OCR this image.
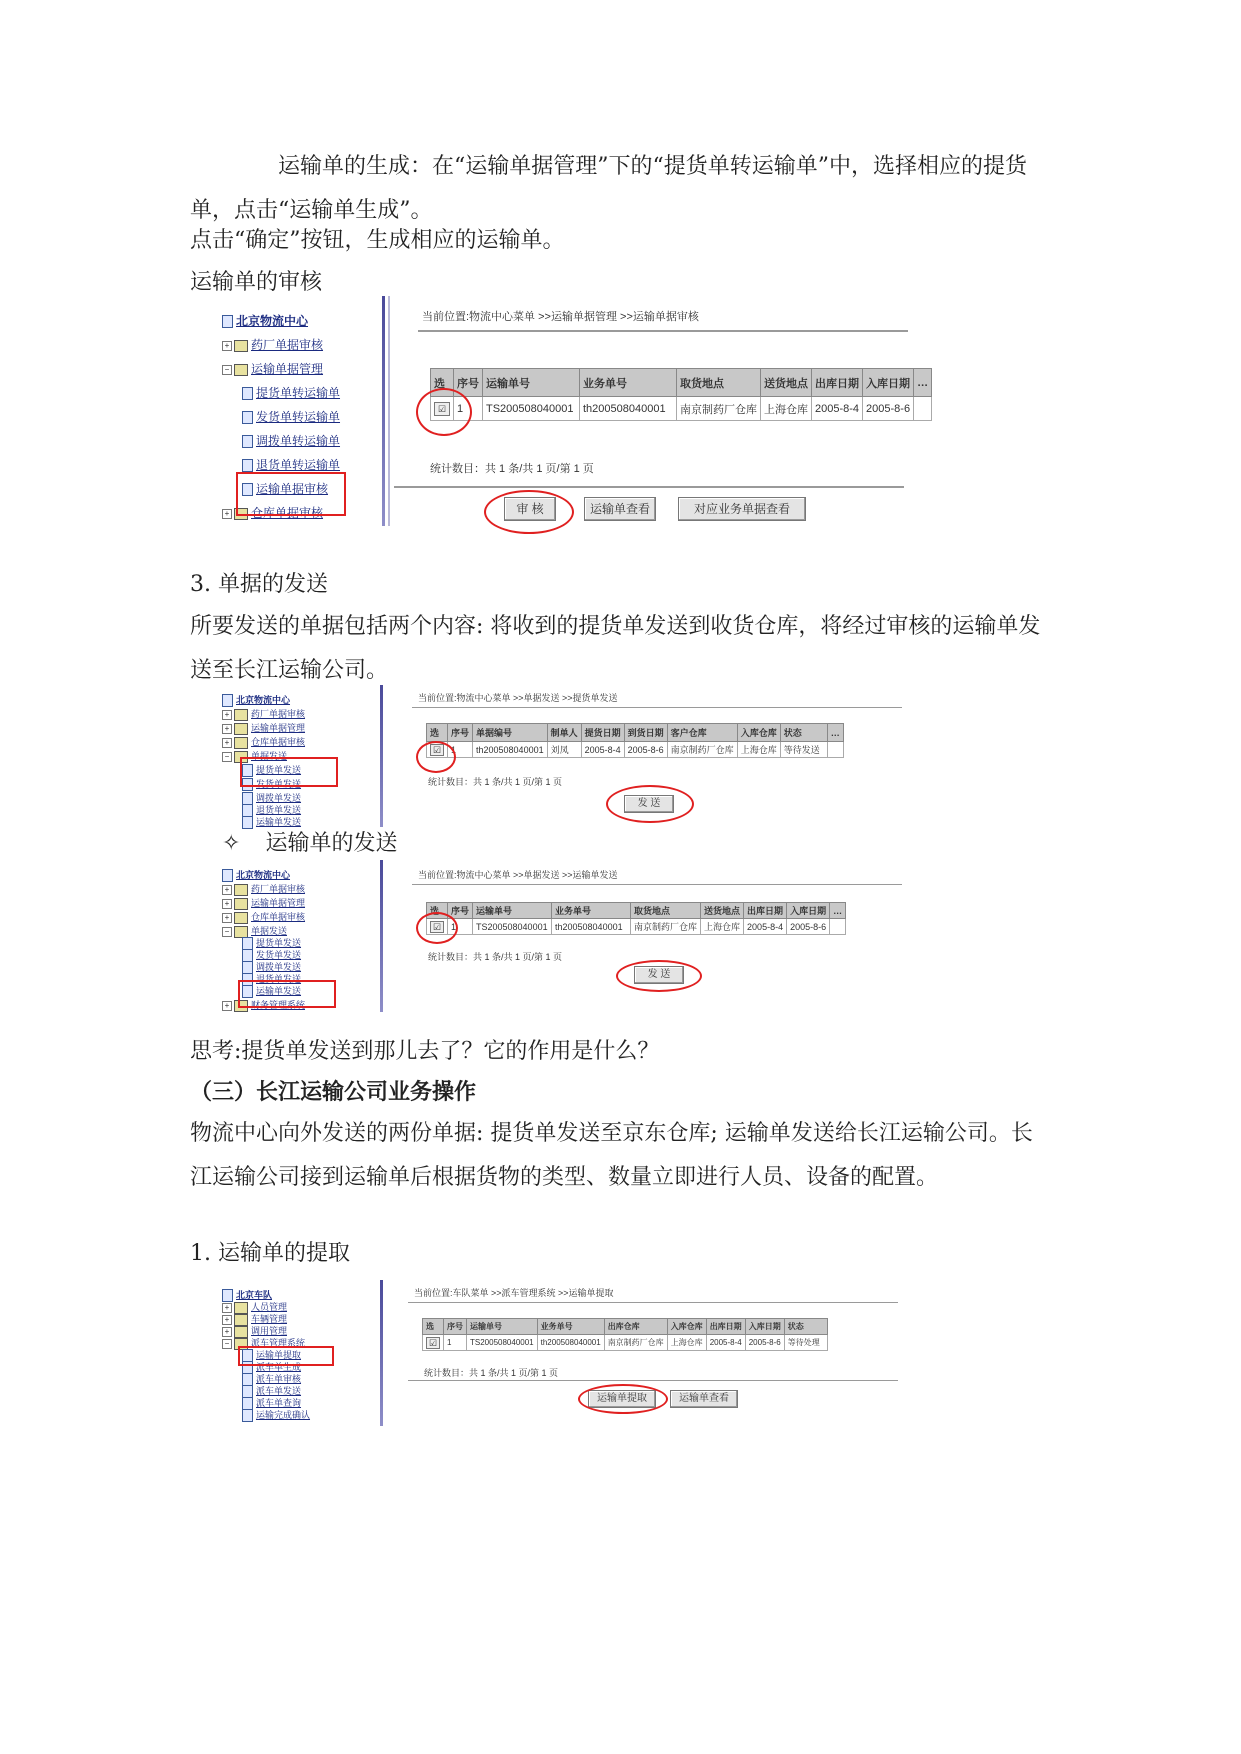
运输单的生成：在“运输单据管理”下的“提货单转运输单”中，选择相应的提货单，点击“运输单生成”。

点击“确定”按钮，生成相应的运输单。

运输单的审核

北京物流中心
+ 药厂单据审核
− 运输单据管理
提货单转运输单
发货单转运输单
调拨单转运输单
退货单转运输单
运输单据审核
+ 仓库单据审核
当前位置:物流中心菜单 >>运输单据管理 >>运输单据审核
选	序号	运输单号	业务单号	取货地点	送货地点	出库日期	入库日期	…
☑	1	TS200508040001	th200508040001	南京制药厂仓库	上海仓库	2005-8-4	2005-8-6	
统计数目：共 1 条/共 1 页/第 1 页
审 核	运输单查看	对应业务单据查看

3. 单据的发送

所要发送的单据包括两个内容: 将收到的提货单发送到收货仓库，将经过审核的运输单发送至长江运输公司。

北京物流中心
+ 药厂单据审核
+ 运输单据管理
+ 仓库单据审核
− 单据发送
提货单发送
发货单发送
调拨单发送
退货单发送
运输单发送
当前位置:物流中心菜单 >>单据发送 >>提货单发送
选	序号	单据编号	制单人	提货日期	到货日期	客户仓库	入库仓库	状态	…
☑	1	th200508040001	刘凤	2005-8-4	2005-8-6	南京制药厂仓库	上海仓库	等待发送	
统计数目：共 1 条/共 1 页/第 1 页
发 送
✧ 运输单的发送
北京物流中心
+ 药厂单据审核
+ 运输单据管理
+ 仓库单据审核
− 单据发送
提货单发送
发货单发送
调拨单发送
退货单发送
运输单发送
+ 财务管理系统
当前位置:物流中心菜单 >>单据发送 >>运输单发送
选	序号	运输单号	业务单号	取货地点	送货地点	出库日期	入库日期	…
☑	1	TS200508040001	th200508040001	南京制药厂仓库	上海仓库	2005-8-4	2005-8-6	
统计数目：共 1 条/共 1 页/第 1 页
发 送

思考:提货单发送到那儿去了？它的作用是什么？

（三）长江运输公司业务操作

物流中心向外发送的两份单据: 提货单发送至京东仓库; 运输单发送给长江运输公司。长江运输公司接到运输单后根据货物的类型、数量立即进行人员、设备的配置。

1. 运输单的提取

北京车队
+ 人员管理
+ 车辆管理
+ 调用管理
− 派车管理系统
运输单提取
派车单生成
派车单审核
派车单发送
派车单查询
运输完成确认
当前位置:车队菜单 >>派车管理系统 >>运输单提取
选	序号	运输单号	业务单号	出库仓库	入库仓库	出库日期	入库日期	状态
☑	1	TS200508040001	th200508040001	南京制药厂仓库	上海仓库	2005-8-4	2005-8-6	等待处理
统计数目：共 1 条/共 1 页/第 1 页
运输单提取	运输单查看
